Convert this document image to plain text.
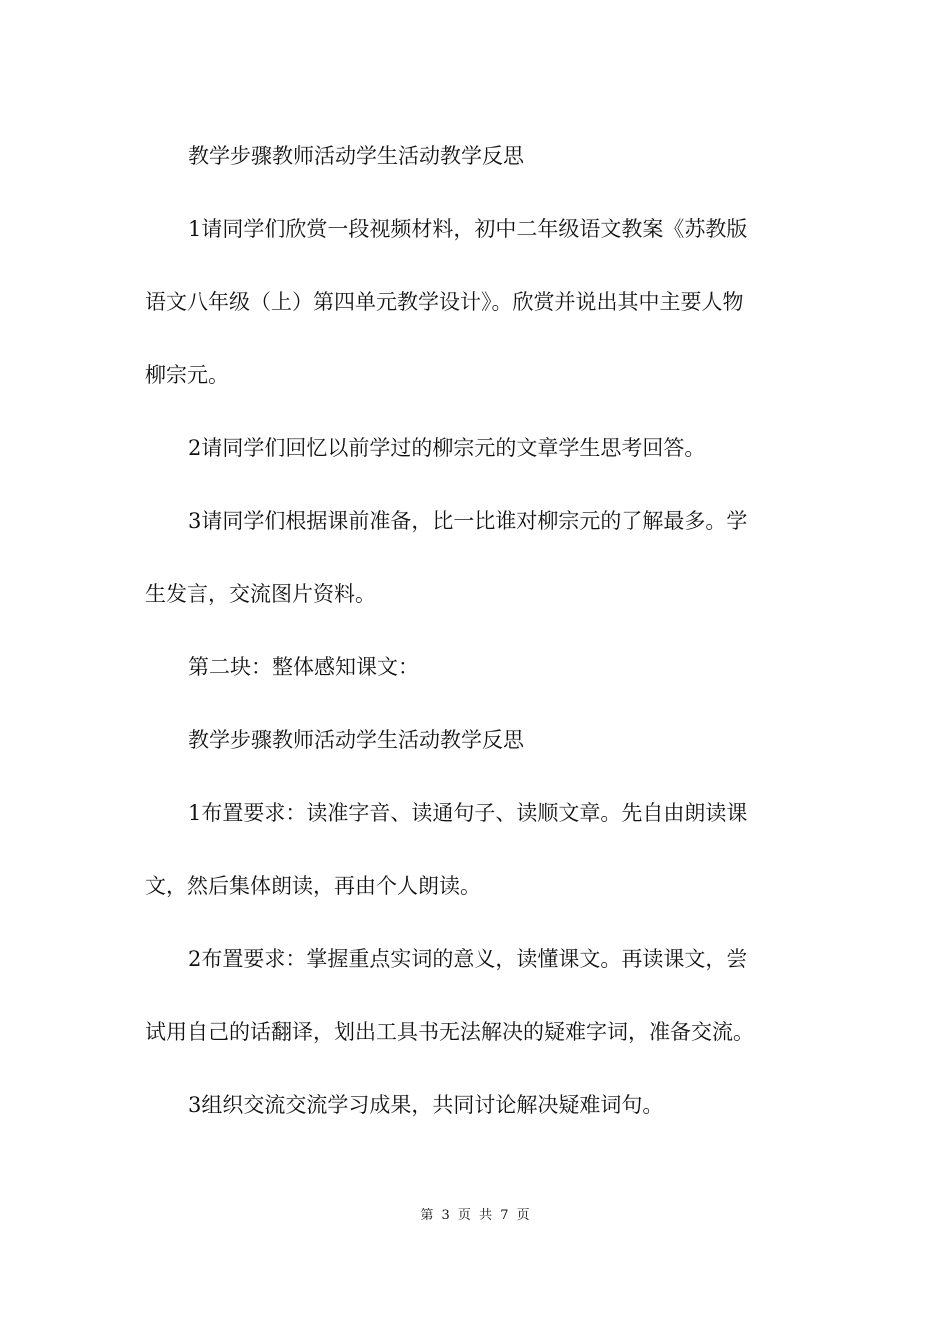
教学步骤教师活动学生活动教学反思
1请同学们欣赏一段视频材料，初中二年级语文教案《苏教版
语文八年级（上）第四单元教学设计》。欣赏并说出其中主要人物
柳宗元。
2请同学们回忆以前学过的柳宗元的文章学生思考回答。
3请同学们根据课前准备，比一比谁对柳宗元的了解最多。学
生发言，交流图片资料。
第二块：整体感知课文：
教学步骤教师活动学生活动教学反思
1布置要求：读准字音、读通句子、读顺文章。先自由朗读课
文，然后集体朗读，再由个人朗读。
2布置要求：掌握重点实词的意义，读懂课文。再读课文，尝
试用自己的话翻译，划出工具书无法解决的疑难字词，准备交流。
3组织交流交流学习成果，共同讨论解决疑难词句。
第 3 页 共 7 页
